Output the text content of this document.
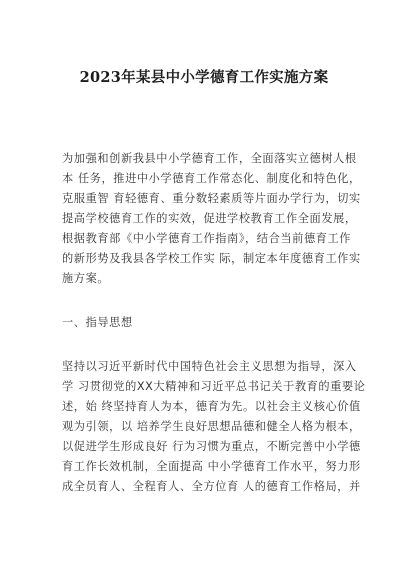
2023年某县中小学德育工作实施方案
为加强和创新我县中小学德育工作，全面落实立德树人根
本 任务，推进中小学德育工作常态化、制度化和特色化，
克服重智 育轻德育、重分数轻素质等片面办学行为，切实
提高学校德育工作的实效，促进学校教育工作全面发展，
根据教育部《中小学德育工作指南》，结合当前德育工作
的新形势及我县各学校工作实 际，制定本年度德育工作实
施方案。
一、指导思想
坚持以习近平新时代中国特色社会主义思想为指导，深入
学 习贯彻党的XX大精神和习近平总书记关于教育的重要论
述，始 终坚持育人为本，德育为先。以社会主义核心价值
观为引领，以 培养学生良好思想品德和健全人格为根本，
以促进学生形成良好 行为习惯为重点，不断完善中小学德
育工作长效机制，全面提高 中小学德育工作水平，努力形
成全员育人、全程育人、全方位育 人的德育工作格局，并
